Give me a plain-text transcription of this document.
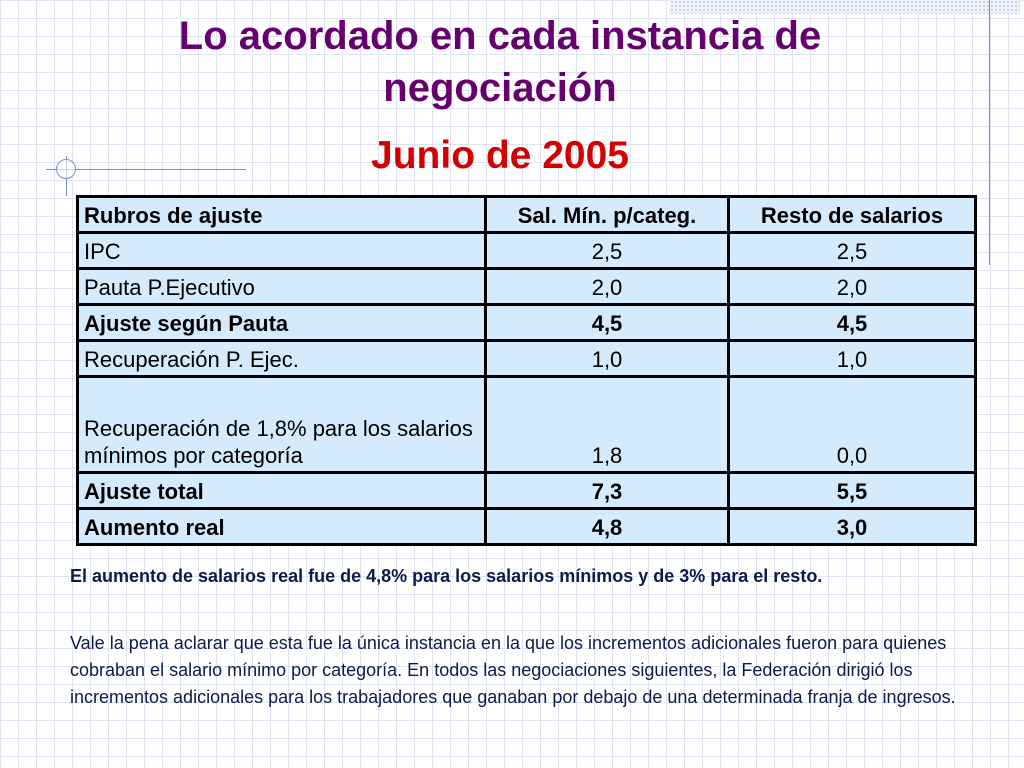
Lo acordado en cada instancia de
negociación
Junio de 2005
Rubros de ajuste	Sal. Mín. p/categ.	Resto de salarios
IPC	2,5	2,5
Pauta P.Ejecutivo	2,0	2,0
Ajuste según Pauta	4,5	4,5
Recuperación P. Ejec.	1,0	1,0
Recuperación de 1,8% para los salarios mínimos por categoría	1,8	0,0
Ajuste total	7,3	5,5
Aumento real	4,8	3,0
El aumento de salarios real fue de 4,8% para los salarios mínimos y de 3% para el resto.
Vale la pena aclarar que esta fue la única instancia en la que los incrementos adicionales fueron para quienes cobraban el salario mínimo por categoría. En todos las negociaciones siguientes, la Federación dirigió los incrementos adicionales para los trabajadores que ganaban por debajo de una determinada franja de ingresos.
